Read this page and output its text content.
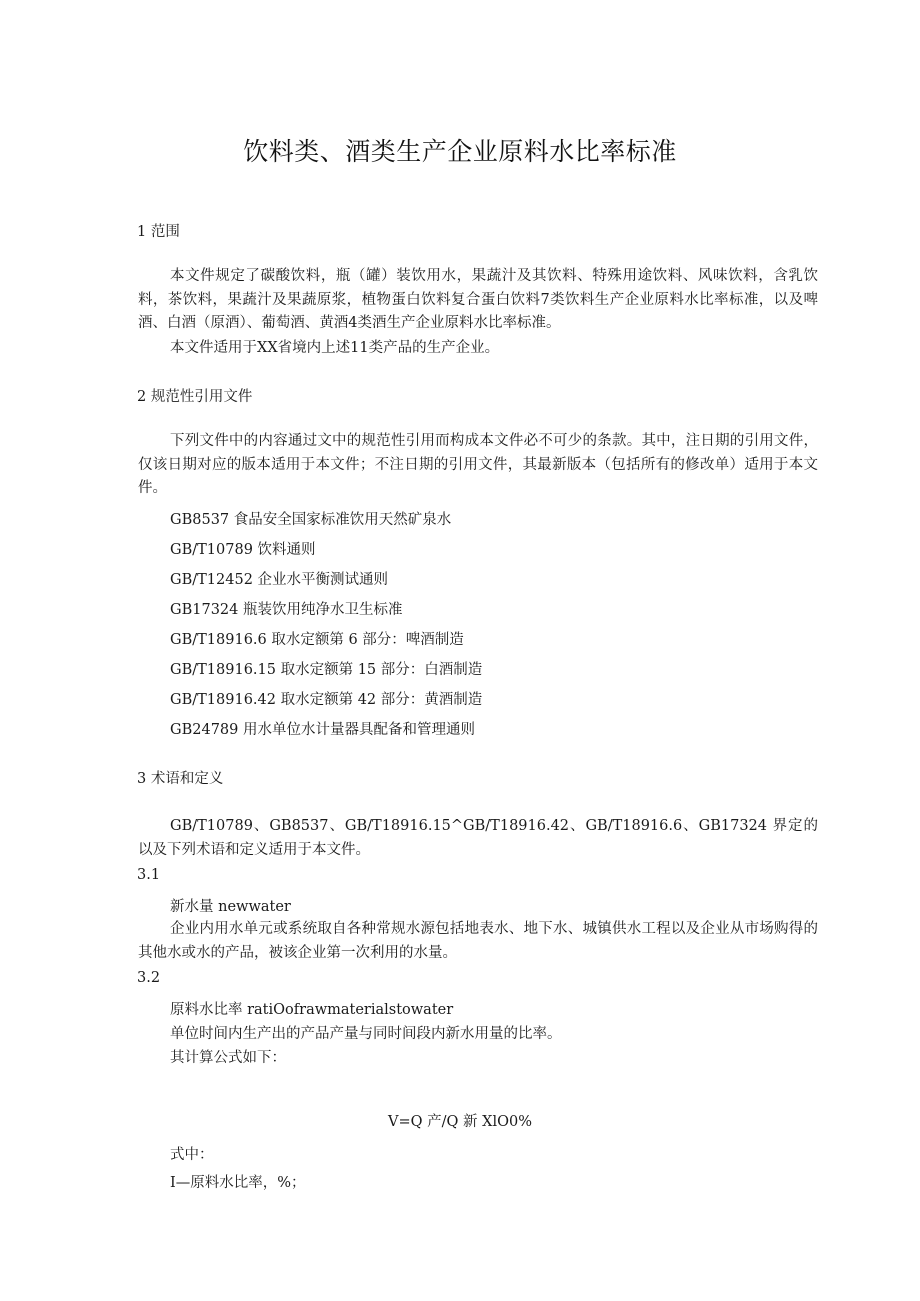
饮料类、酒类生产企业原料水比率标准
1 范围
本文件规定了碳酸饮料，瓶（罐）装饮用水，果蔬汁及其饮料、特殊用途饮料、风味饮料，含乳饮料，茶饮料，果蔬汁及果蔬原浆，植物蛋白饮料复合蛋白饮料7类饮料生产企业原料水比率标准，以及啤酒、白酒（原酒）、葡萄酒、黄酒4类酒生产企业原料水比率标准。
本文件适用于XX省境内上述11类产品的生产企业。
2 规范性引用文件
下列文件中的内容通过文中的规范性引用而构成本文件必不可少的条款。其中，注日期的引用文件，仅该日期对应的版本适用于本文件；不注日期的引用文件，其最新版本（包括所有的修改单）适用于本文件。
GB8537 食品安全国家标准饮用天然矿泉水
GB/T10789 饮料通则
GB/T12452 企业水平衡测试通则
GB17324 瓶装饮用纯净水卫生标准
GB/T18916.6 取水定额第 6 部分：啤酒制造
GB/T18916.15 取水定额第 15 部分：白酒制造
GB/T18916.42 取水定额第 42 部分：黄酒制造
GB24789 用水单位水计量器具配备和管理通则
3 术语和定义
GB/T10789、GB8537、GB/T18916.15^GB/T18916.42、GB/T18916.6、GB17324 界定的以及下列术语和定义适用于本文件。
3.1
新水量 newwater
企业内用水单元或系统取自各种常规水源包括地表水、地下水、城镇供水工程以及企业从市场购得的其他水或水的产品，被该企业第一次利用的水量。
3.2
原料水比率 ratiOofrawmaterialstowater
单位时间内生产出的产品产量与同时间段内新水用量的比率。
其计算公式如下：
V=Q 产/Q 新 XlO0%
式中：
I—原料水比率，%；
